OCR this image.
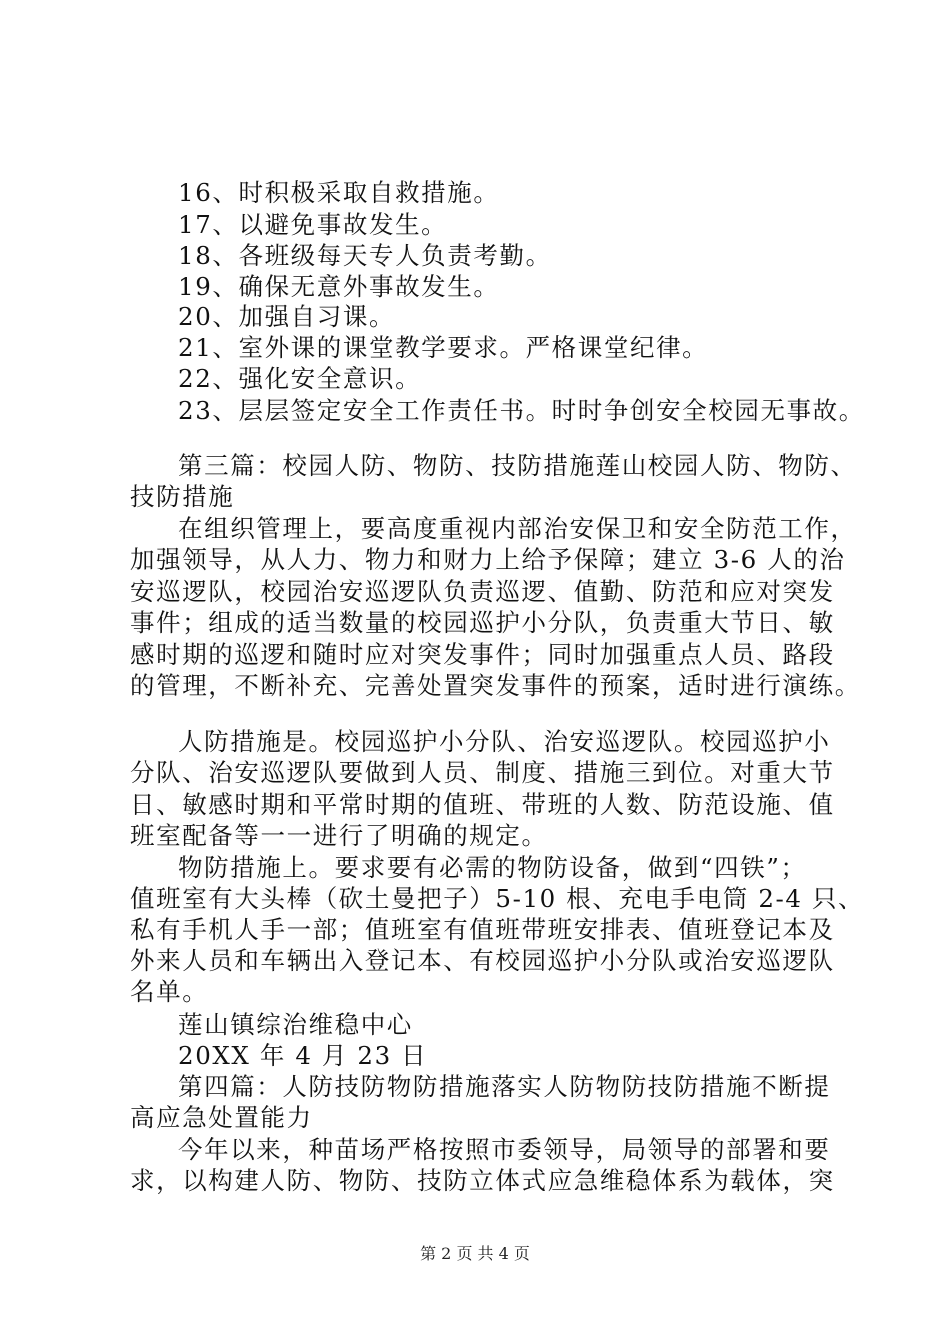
16、时积极采取自救措施。
17、以避免事故发生。
18、各班级每天专人负责考勤。
19、确保无意外事故发生。
20、加强自习课。
21、室外课的课堂教学要求。严格课堂纪律。
22、强化安全意识。
23、层层签定安全工作责任书。时时争创安全校园无事故。
第三篇：校园人防、物防、技防措施莲山校园人防、物防、
技防措施
在组织管理上，要高度重视内部治安保卫和安全防范工作，
加强领导，从人力、物力和财力上给予保障；建立 3-6 人的治
安巡逻队，校园治安巡逻队负责巡逻、值勤、防范和应对突发
事件；组成的适当数量的校园巡护小分队，负责重大节日、敏
感时期的巡逻和随时应对突发事件；同时加强重点人员、路段
的管理，不断补充、完善处置突发事件的预案，适时进行演练。
人防措施是。校园巡护小分队、治安巡逻队。校园巡护小
分队、治安巡逻队要做到人员、制度、措施三到位。对重大节
日、敏感时期和平常时期的值班、带班的人数、防范设施、值
班室配备等一一进行了明确的规定。
物防措施上。要求要有必需的物防设备，做到“四铁”；
值班室有大头棒（砍土曼把子）5-10 根、充电手电筒 2-4 只、
私有手机人手一部；值班室有值班带班安排表、值班登记本及
外来人员和车辆出入登记本、有校园巡护小分队或治安巡逻队
名单。
莲山镇综治维稳中心
20XX 年 4 月 23 日
第四篇：人防技防物防措施落实人防物防技防措施不断提
高应急处置能力
今年以来，种苗场严格按照市委领导，局领导的部署和要
求，以构建人防、物防、技防立体式应急维稳体系为载体，突
第 2 页 共 4 页
